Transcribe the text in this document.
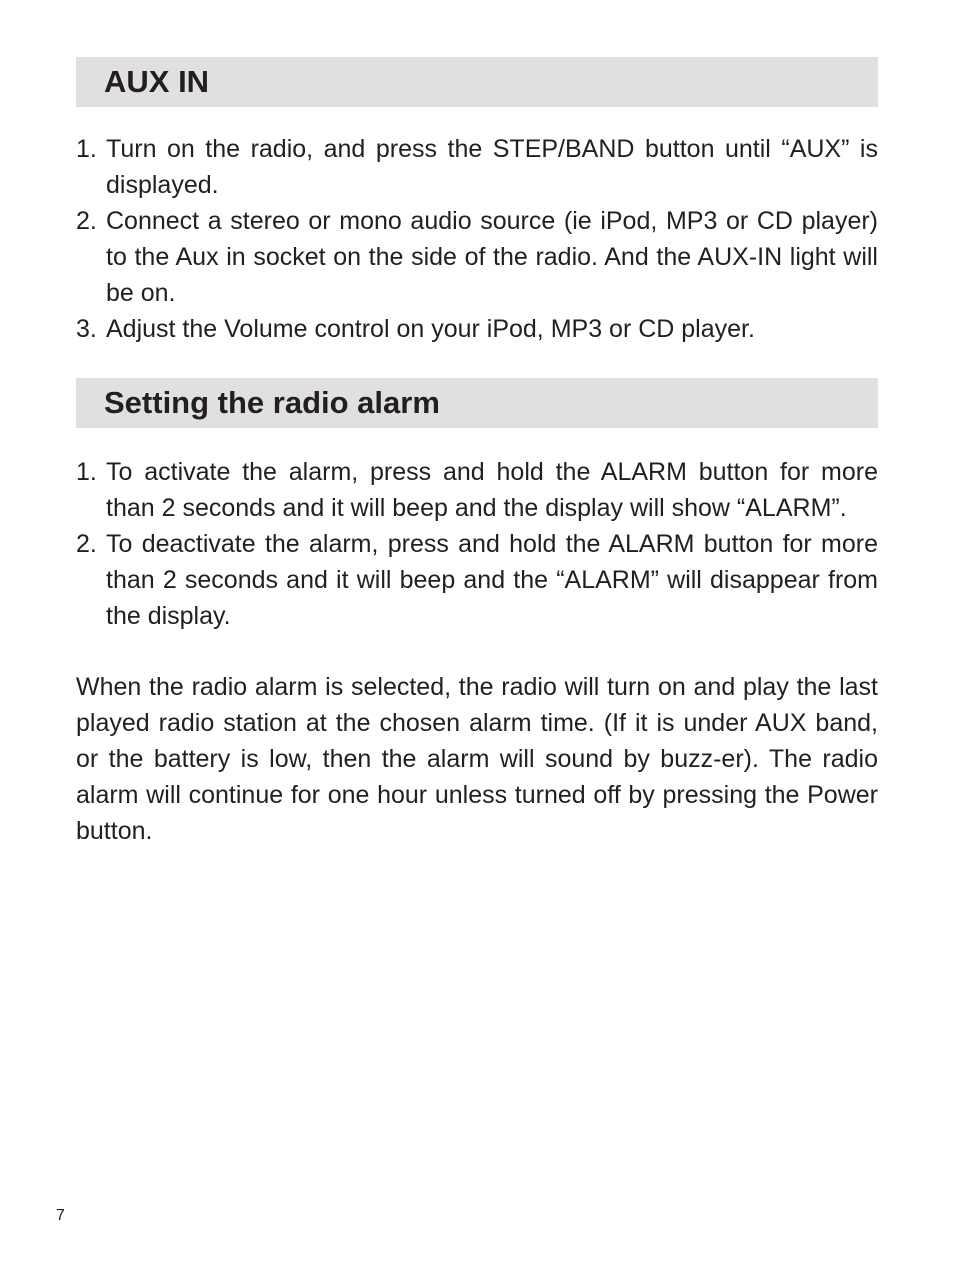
AUX IN
1. Turn on the radio, and press the STEP/BAND button until “AUX” is displayed.
2. Connect a stereo or mono audio source (ie iPod, MP3 or CD player) to the Aux in socket on the side of the radio. And the AUX-IN light will be on.
3. Adjust the Volume control on your iPod, MP3 or CD player.
Setting the radio alarm
1. To activate the alarm, press and hold the ALARM button for more than 2 seconds and it will beep and the display will show “ALARM”.
2. To deactivate the alarm, press and hold the ALARM button for more than 2 seconds and it will beep and the “ALARM” will disappear from the display.

When the radio alarm is selected, the radio will turn on and play the last played radio station at the chosen alarm time. (If it is under AUX band, or the battery is low, then the alarm will sound by buzz-er). The radio alarm will continue for one hour unless turned off by pressing the Power button.

7
